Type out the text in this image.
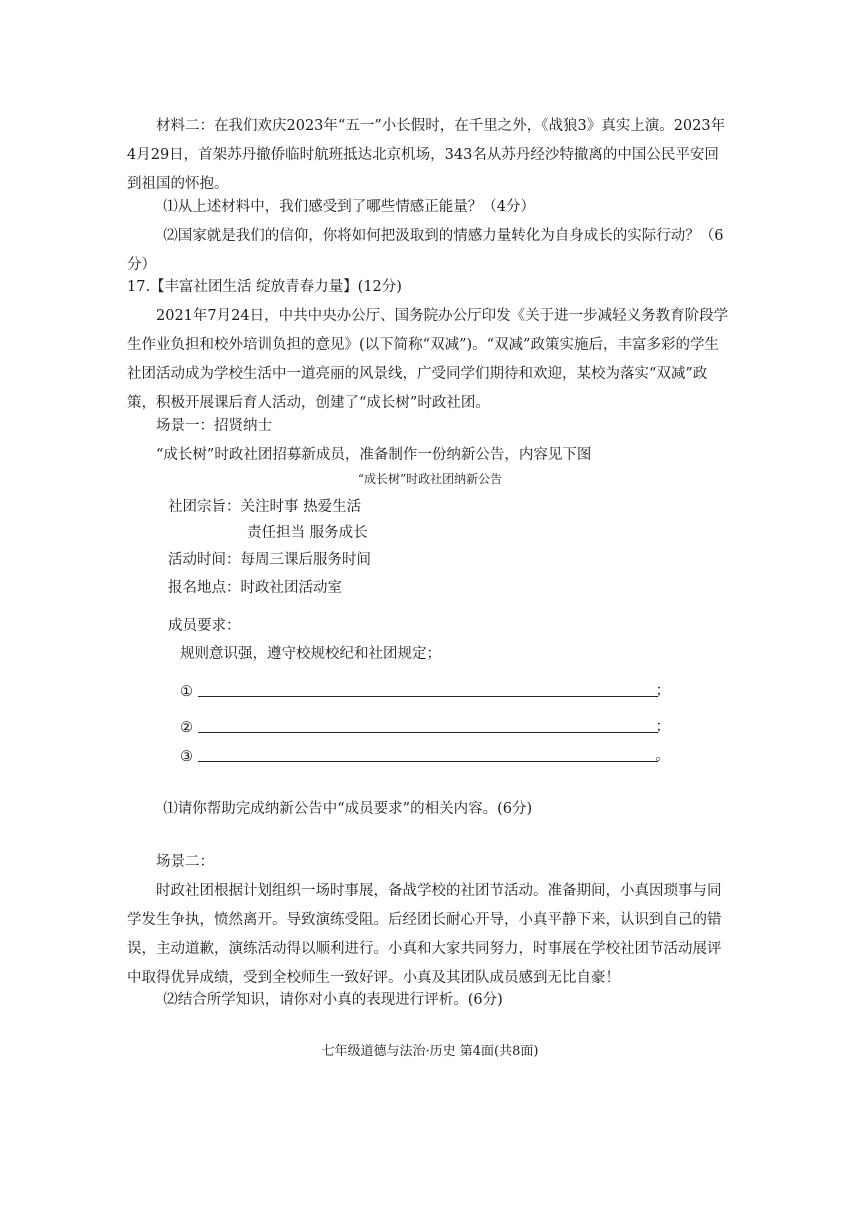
材料二：在我们欢庆2023年“五一”小长假时，在千里之外，《战狼3》真实上演。2023年4月29日，首架苏丹撤侨临时航班抵达北京机场，343名从苏丹经沙特撤离的中国公民平安回到祖国的怀抱。

⑴从上述材料中，我们感受到了哪些情感正能量？（4分）

⑵国家就是我们的信仰，你将如何把汲取到的情感力量转化为自身成长的实际行动？（6分）

17.【丰富社团生活 绽放青春力量】(12分)

2021年7月24日，中共中央办公厅、国务院办公厅印发《关于进一步减轻义务教育阶段学生作业负担和校外培训负担的意见》(以下简称“双减”)。“双减”政策实施后，丰富多彩的学生社团活动成为学校生活中一道亮丽的风景线，广受同学们期待和欢迎，某校为落实“双减”政策，积极开展课后育人活动，创建了“成长树”时政社团。

场景一：招贤纳士

“成长树”时政社团招募新成员，准备制作一份纳新公告，内容见下图

“成长树”时政社团纳新公告
社团宗旨：关注时事 热爱生活
责任担当 服务成长
活动时间：每周三课后服务时间
报名地点：时政社团活动室
成员要求：
规则意识强，遵守校规校纪和社团规定；
①	；
②	；
③	。

⑴请你帮助完成纳新公告中“成员要求”的相关内容。(6分)

场景二：

时政社团根据计划组织一场时事展，备战学校的社团节活动。准备期间，小真因琐事与同学发生争执，愤然离开。导致演练受阻。后经团长耐心开导，小真平静下来，认识到自己的错误，主动道歉，演练活动得以顺利进行。小真和大家共同努力，时事展在学校社团节活动展评中取得优异成绩，受到全校师生一致好评。小真及其团队成员感到无比自豪！

⑵结合所学知识，请你对小真的表现进行评析。(6分)

七年级道德与法治·历史 第4面(共8面)
